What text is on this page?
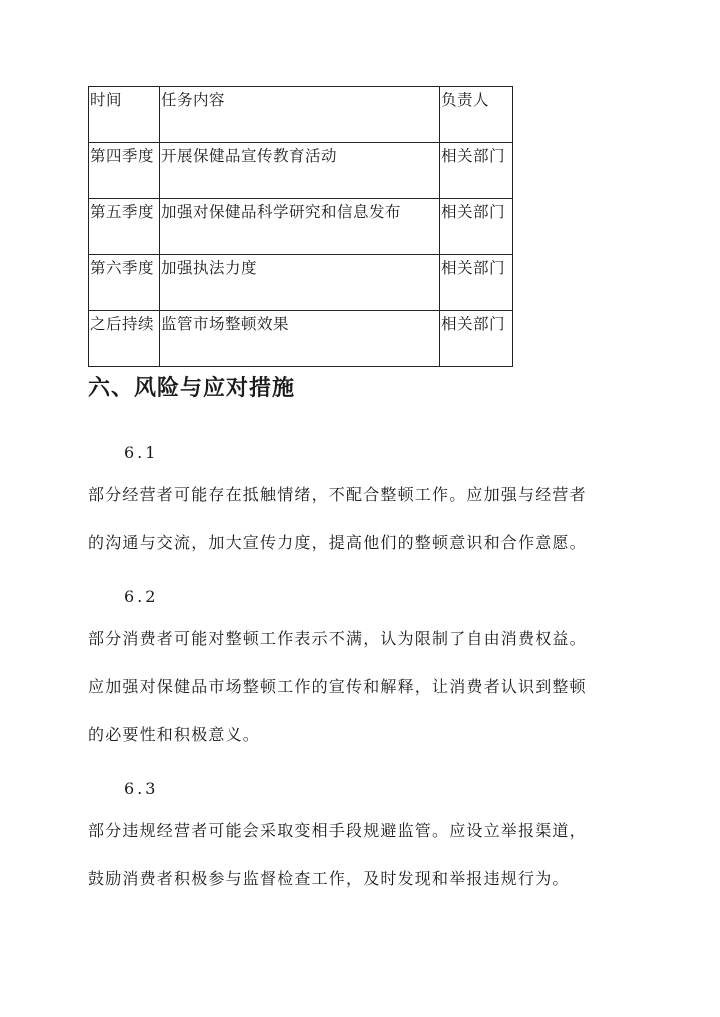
时间	任务内容	负责人
第四季度	开展保健品宣传教育活动	相关部门
第五季度	加强对保健品科学研究和信息发布	相关部门
第六季度	加强执法力度	相关部门
之后持续	监管市场整顿效果	相关部门
六、风险与应对措施

6.1

部分经营者可能存在抵触情绪，不配合整顿工作。应加强与经营者

的沟通与交流，加大宣传力度，提高他们的整顿意识和合作意愿。

6.2

部分消费者可能对整顿工作表示不满，认为限制了自由消费权益。

应加强对保健品市场整顿工作的宣传和解释，让消费者认识到整顿

的必要性和积极意义。

6.3

部分违规经营者可能会采取变相手段规避监管。应设立举报渠道，

鼓励消费者积极参与监督检查工作，及时发现和举报违规行为。
